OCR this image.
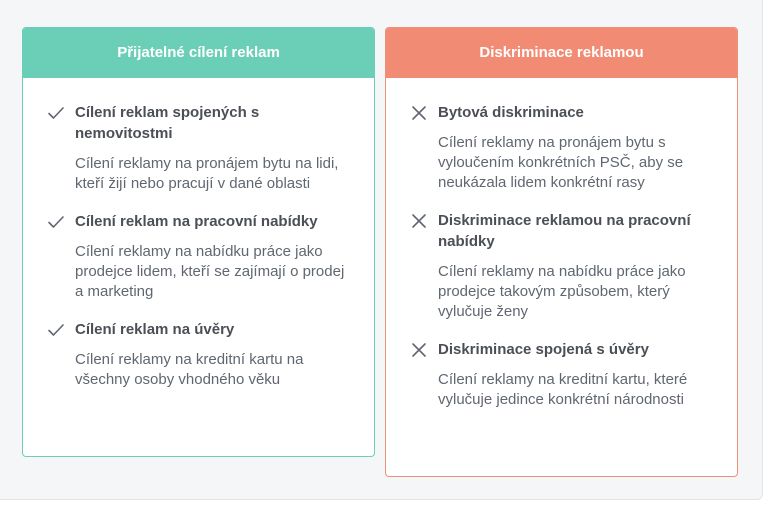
Přijatelné cílení reklam
Cílení reklam spojených s nemovitostmi
Cílení reklamy na pronájem bytu na lidi, kteří žijí nebo pracují v dané oblasti
Cílení reklam na pracovní nabídky
Cílení reklamy na nabídku práce jako prodejce lidem, kteří se zajímají o prodej a marketing
Cílení reklam na úvěry
Cílení reklamy na kreditní kartu na všechny osoby vhodného věku
Diskriminace reklamou
Bytová diskriminace
Cílení reklamy na pronájem bytu s vyloučením konkrétních PSČ, aby se neukázala lidem konkrétní rasy
Diskriminace reklamou na pracovní nabídky
Cílení reklamy na nabídku práce jako prodejce takovým způsobem, který vylučuje ženy
Diskriminace spojená s úvěry
Cílení reklamy na kreditní kartu, které vylučuje jedince konkrétní národnosti
